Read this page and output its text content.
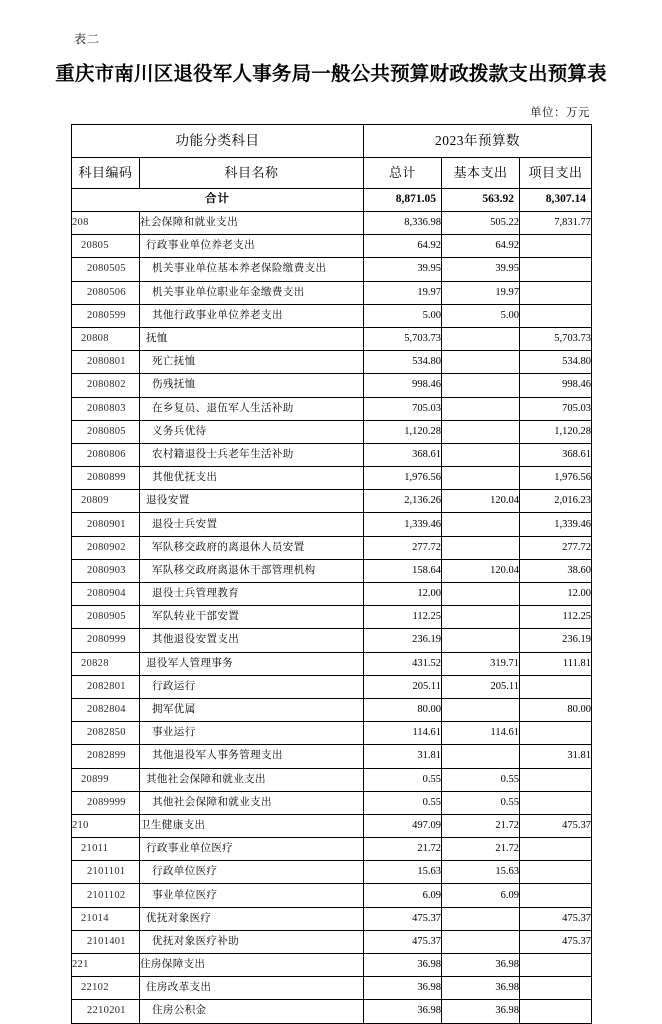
表二
重庆市南川区退役军人事务局一般公共预算财政拨款支出预算表
单位：万元
功能分类科目		2023年预算数		
科目编码	科目名称	总计	基本支出	项目支出
合计		8,871.05	563.92	8,307.14
208	社会保障和就业支出	8,336.98	505.22	7,831.77
20805	行政事业单位养老支出	64.92	64.92	
2080505	机关事业单位基本养老保险缴费支出	39.95	39.95	
2080506	机关事业单位职业年金缴费支出	19.97	19.97	
2080599	其他行政事业单位养老支出	5.00	5.00	
20808	抚恤	5,703.73		5,703.73
2080801	死亡抚恤	534.80		534.80
2080802	伤残抚恤	998.46		998.46
2080803	在乡复员、退伍军人生活补助	705.03		705.03
2080805	义务兵优待	1,120.28		1,120.28
2080806	农村籍退役士兵老年生活补助	368.61		368.61
2080899	其他优抚支出	1,976.56		1,976.56
20809	退役安置	2,136.26	120.04	2,016.23
2080901	退役士兵安置	1,339.46		1,339.46
2080902	军队移交政府的离退休人员安置	277.72		277.72
2080903	军队移交政府离退休干部管理机构	158.64	120.04	38.60
2080904	退役士兵管理教育	12.00		12.00
2080905	军队转业干部安置	112.25		112.25
2080999	其他退役安置支出	236.19		236.19
20828	退役军人管理事务	431.52	319.71	111.81
2082801	行政运行	205.11	205.11	
2082804	拥军优属	80.00		80.00
2082850	事业运行	114.61	114.61	
2082899	其他退役军人事务管理支出	31.81		31.81
20899	其他社会保障和就业支出	0.55	0.55	
2089999	其他社会保障和就业支出	0.55	0.55	
210	卫生健康支出	497.09	21.72	475.37
21011	行政事业单位医疗	21.72	21.72	
2101101	行政单位医疗	15.63	15.63	
2101102	事业单位医疗	6.09	6.09	
21014	优抚对象医疗	475.37		475.37
2101401	优抚对象医疗补助	475.37		475.37
221	住房保障支出	36.98	36.98	
22102	住房改革支出	36.98	36.98	
2210201	住房公积金	36.98	36.98	
